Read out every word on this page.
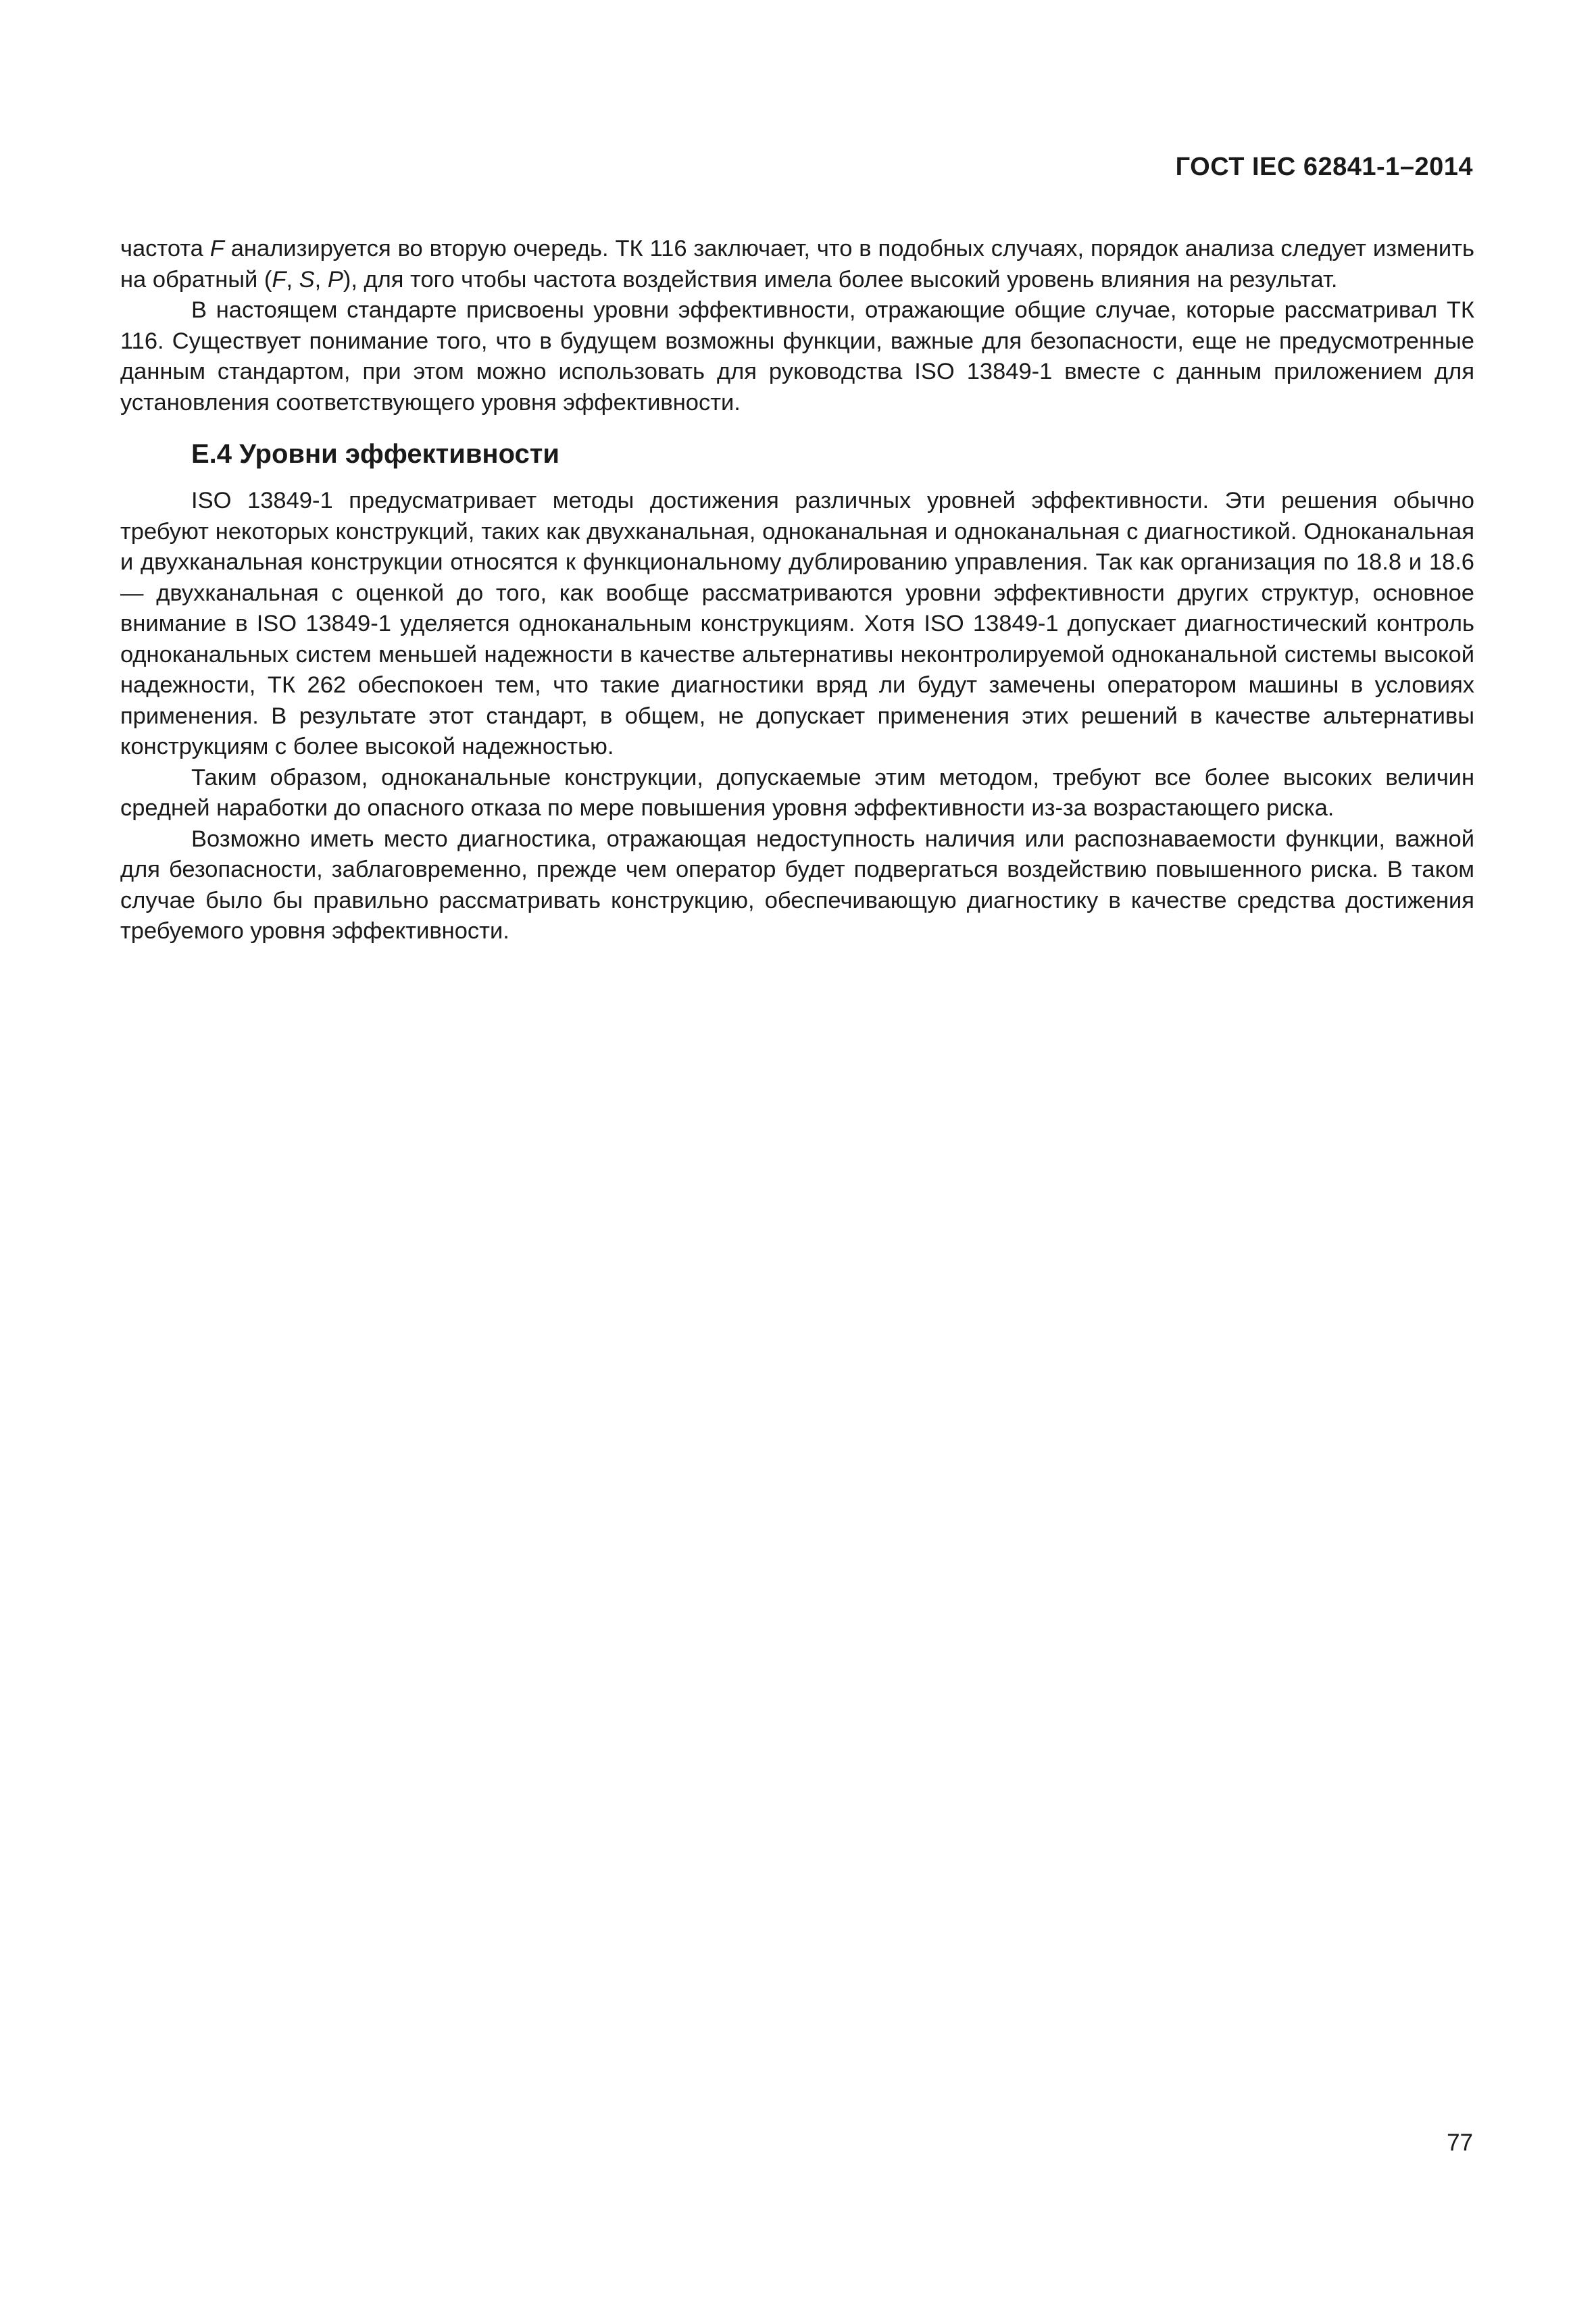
ГОСТ IEC 62841-1–2014

частота F анализируется во вторую очередь. ТК 116 заключает, что в подобных случаях, порядок анализа следует изменить на обратный (F, S, P), для того чтобы частота воздействия имела более высокий уровень влияния на результат.

В настоящем стандарте присвоены уровни эффективности, отражающие общие случае, которые рассматривал ТК 116. Существует понимание того, что в будущем возможны функции, важные для безопасности, еще не предусмотренные данным стандартом, при этом можно использовать для руководства ISO 13849-1 вместе с данным приложением для установления соответствующего уровня эффективности.

Е.4 Уровни эффективности

ISO 13849-1 предусматривает методы достижения различных уровней эффективности. Эти решения обычно требуют некоторых конструкций, таких как двухканальная, одноканальная и одноканальная с диагностикой. Одноканальная и двухканальная конструкции относятся к функциональному дублированию управления. Так как организация по 18.8 и 18.6 — двухканальная с оценкой до того, как вообще рассматриваются уровни эффективности других структур, основное внимание в ISO 13849-1 уделяется одноканальным конструкциям. Хотя ISO 13849-1 допускает диагностический контроль одноканальных систем меньшей надежности в качестве альтернативы неконтролируемой одноканальной системы высокой надежности, ТК 262 обеспокоен тем, что такие диагностики вряд ли будут замечены оператором машины в условиях применения. В результате этот стандарт, в общем, не допускает применения этих решений в качестве альтернативы конструкциям с более высокой надежностью.

Таким образом, одноканальные конструкции, допускаемые этим методом, требуют все более высоких величин средней наработки до опасного отказа по мере повышения уровня эффективности из-за возрастающего риска.

Возможно иметь место диагностика, отражающая недоступность наличия или распознаваемости функции, важной для безопасности, заблаговременно, прежде чем оператор будет подвергаться воздействию повышенного риска. В таком случае было бы правильно рассматривать конструкцию, обеспечивающую диагностику в качестве средства достижения требуемого уровня эффективности.

77
